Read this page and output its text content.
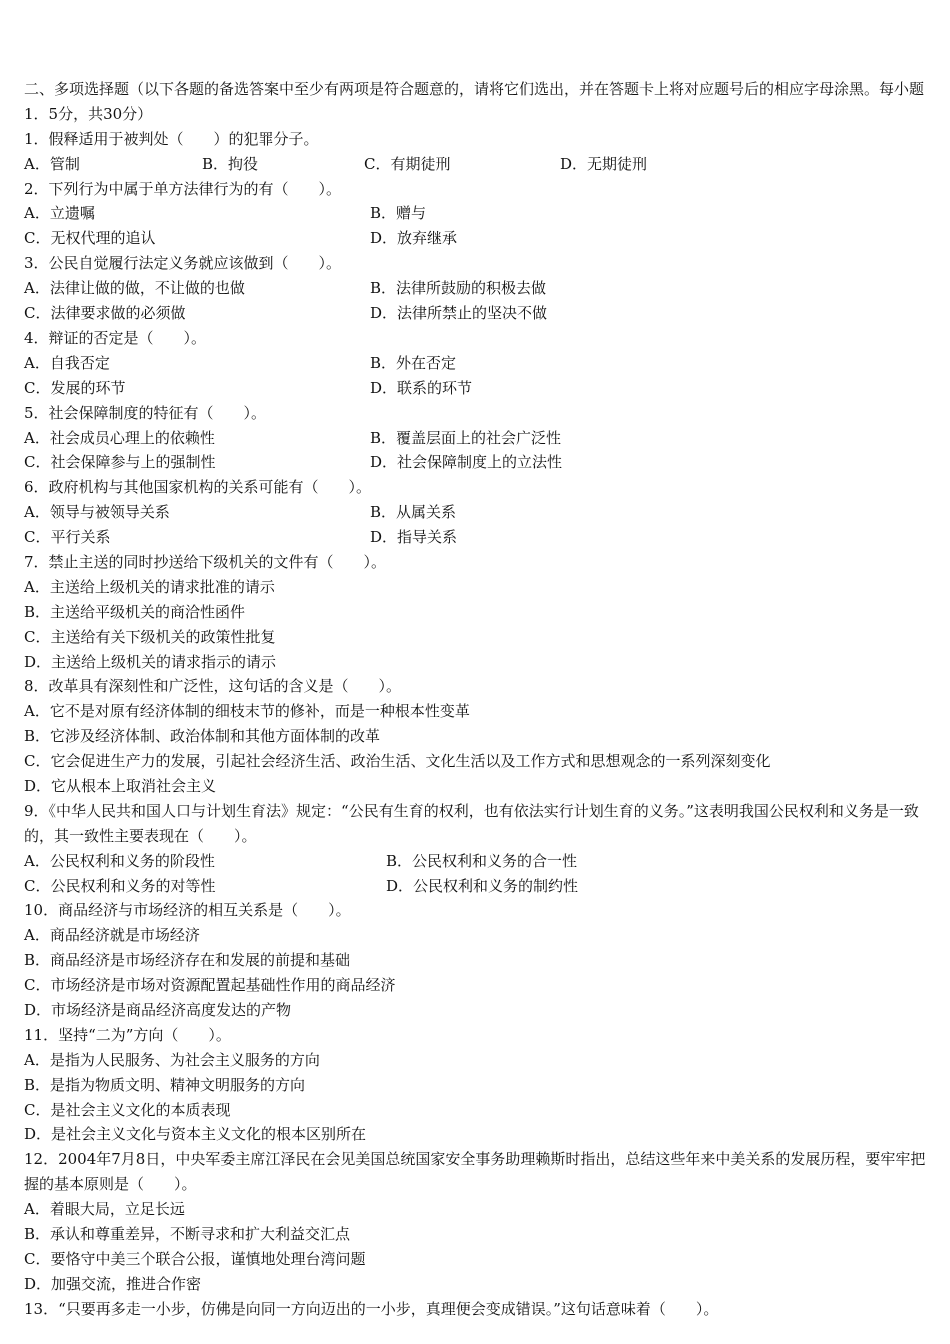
二、多项选择题（以下各题的备选答案中至少有两项是符合题意的，请将它们选出，并在答题卡上将对应题号后的相应字母涂黑。每小题1．5分，共30分）
1．假释适用于被判处（　　）的犯罪分子。
A．管制	B．拘役	C．有期徒刑	D．无期徒刑
2．下列行为中属于单方法律行为的有（　　）。
A．立遗嘱	B．赠与
C．无权代理的追认	D．放弃继承
3．公民自觉履行法定义务就应该做到（　　）。
A．法律让做的做，不让做的也做	B．法律所鼓励的积极去做
C．法律要求做的必须做	D．法律所禁止的坚决不做
4．辩证的否定是（　　）。
A．自我否定	B．外在否定
C．发展的环节	D．联系的环节
5．社会保障制度的特征有（　　）。
A．社会成员心理上的依赖性	B．覆盖层面上的社会广泛性
C．社会保障参与上的强制性	D．社会保障制度上的立法性
6．政府机构与其他国家机构的关系可能有（　　）。
A．领导与被领导关系	B．从属关系
C．平行关系	D．指导关系
7．禁止主送的同时抄送给下级机关的文件有（　　）。
A．主送给上级机关的请求批准的请示
B．主送给平级机关的商洽性函件
C．主送给有关下级机关的政策性批复
D．主送给上级机关的请求指示的请示
8．改革具有深刻性和广泛性，这句话的含义是（　　）。
A．它不是对原有经济体制的细枝末节的修补，而是一种根本性变革
B．它涉及经济体制、政治体制和其他方面体制的改革
C．它会促进生产力的发展，引起社会经济生活、政治生活、文化生活以及工作方式和思想观念的一系列深刻变化
D．它从根本上取消社会主义
9．《中华人民共和国人口与计划生育法》规定：“公民有生育的权利，也有依法实行计划生育的义务。”这表明我国公民权利和义务是一致的，其一致性主要表现在（　　）。
A．公民权利和义务的阶段性	B．公民权利和义务的合一性
C．公民权利和义务的对等性	D．公民权利和义务的制约性
10．商品经济与市场经济的相互关系是（　　）。
A．商品经济就是市场经济
B．商品经济是市场经济存在和发展的前提和基础
C．市场经济是市场对资源配置起基础性作用的商品经济
D．市场经济是商品经济高度发达的产物
11．坚持“二为”方向（　　）。
A．是指为人民服务、为社会主义服务的方向
B．是指为物质文明、精神文明服务的方向
C．是社会主义文化的本质表现
D．是社会主义文化与资本主义文化的根本区别所在
12．2004年7月8日，中央军委主席江泽民在会见美国总统国家安全事务助理赖斯时指出，总结这些年来中美关系的发展历程，要牢牢把握的基本原则是（　　）。
A．着眼大局，立足长远
B．承认和尊重差异，不断寻求和扩大利益交汇点
C．要恪守中美三个联合公报，谨慎地处理台湾问题
D．加强交流，推进合作密
13．“只要再多走一小步，仿佛是向同一方向迈出的一小步，真理便会变成错误。”这句话意味着（　　）。
